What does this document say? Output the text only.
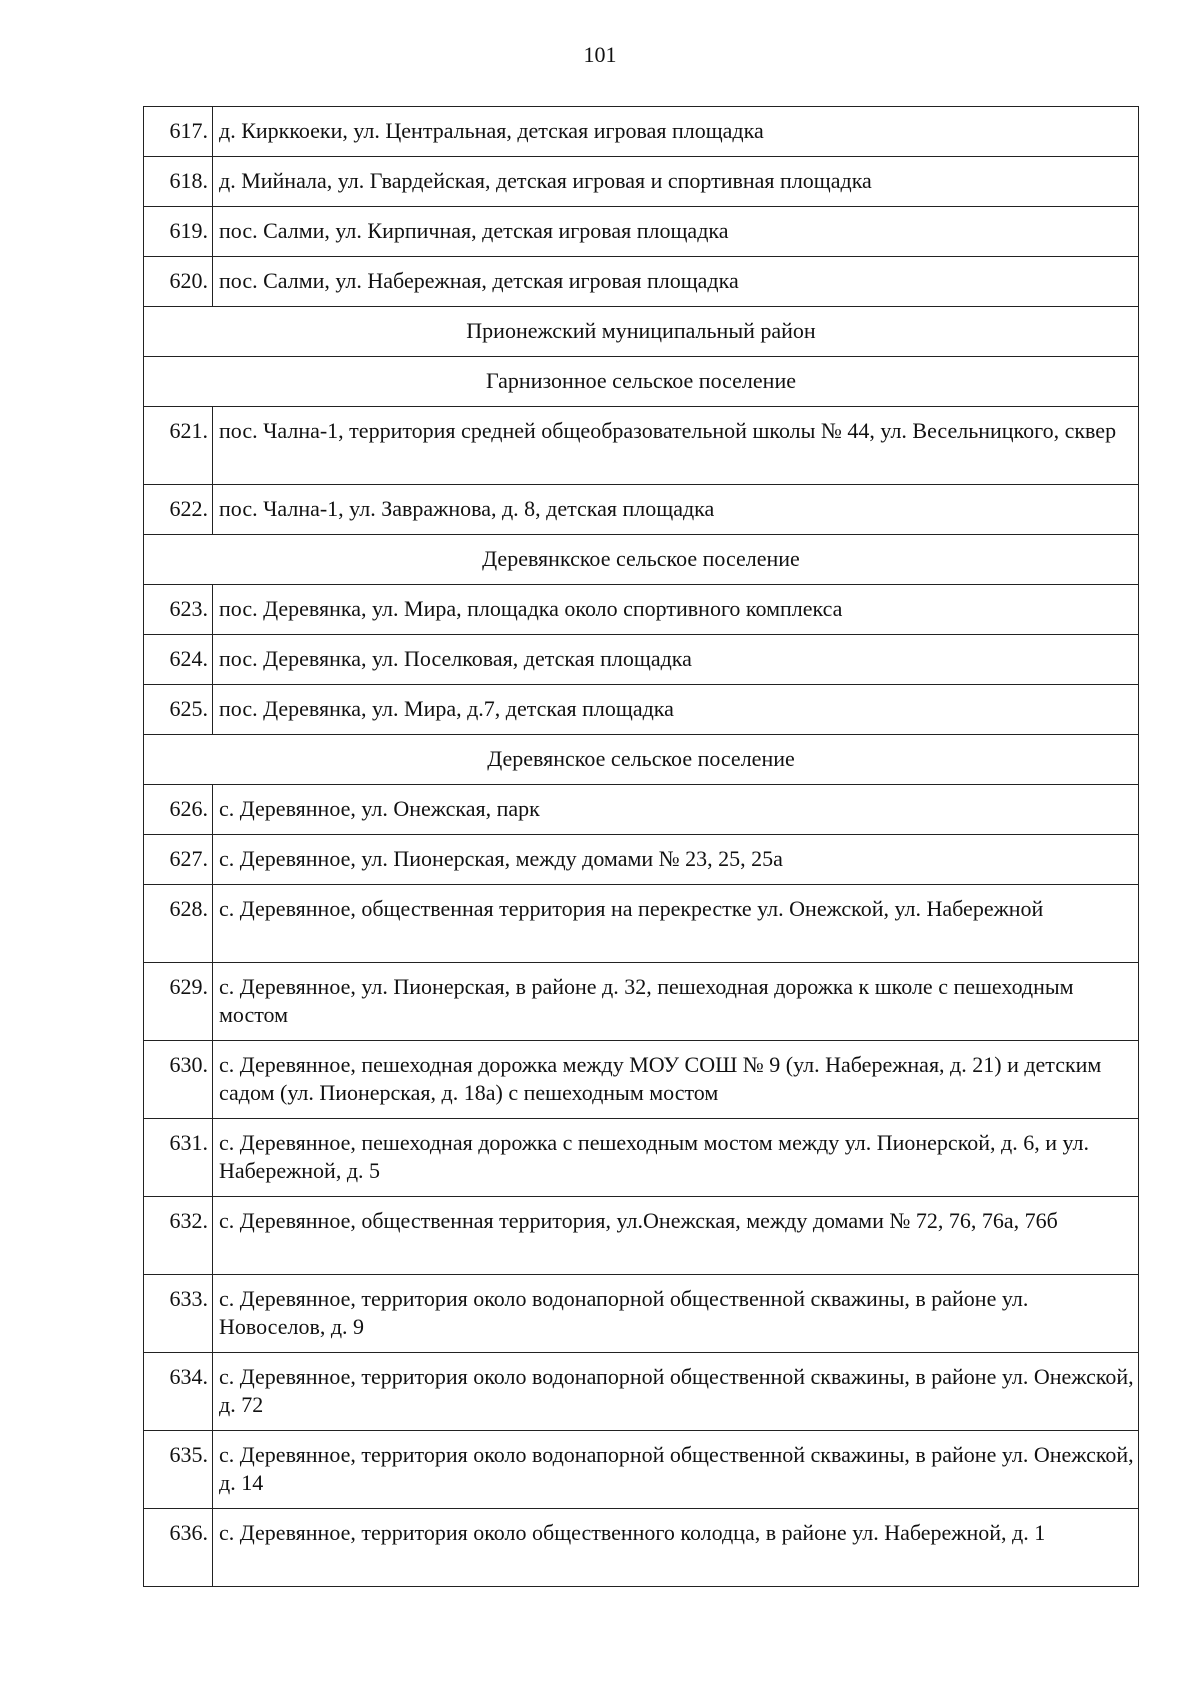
101
617.	д. Кирккоеки, ул. Центральная, детская игровая площадка

618.	д. Мийнала, ул. Гвардейская, детская игровая и спортивная площадка

619.	пос. Салми, ул. Кирпичная, детская игровая площадка

620.	пос. Салми, ул. Набережная, детская игровая площадка

Прионежский муниципальный район	

Гарнизонное сельское поселение	

621.	пос. Чална-1, территория средней общеобразовательной школы № 44, ул. Весельницкого, сквер

622.	пос. Чална-1, ул. Завражнова, д. 8, детская площадка

Деревянкское сельское поселение	

623.	пос. Деревянка, ул. Мира, площадка около спортивного комплекса

624.	пос. Деревянка, ул. Поселковая, детская площадка

625.	пос. Деревянка, ул. Мира, д.7, детская площадка

Деревянское сельское поселение	

626.	с. Деревянное, ул. Онежская, парк

627.	с. Деревянное, ул. Пионерская, между домами № 23, 25, 25а

628.	с. Деревянное, общественная территория на перекрестке ул. Онежской, ул. Набережной

629.	с. Деревянное, ул. Пионерская, в районе д. 32, пешеходная дорожка к школе с пешеходным мостом

630.	с. Деревянное, пешеходная дорожка между МОУ СОШ № 9 (ул. Набережная, д. 21) и детским садом (ул. Пионерская, д. 18а) с пешеходным мостом

631.	с. Деревянное, пешеходная дорожка с пешеходным мостом между ул. Пионерской, д. 6, и ул. Набережной, д. 5

632.	с. Деревянное, общественная территория, ул.Онежская, между домами № 72, 76, 76а, 76б

633.	с. Деревянное, территория около водонапорной общественной скважины, в районе ул. Новоселов, д. 9

634.	с. Деревянное, территория около водонапорной общественной скважины, в районе ул. Онежской, д. 72

635.	с. Деревянное, территория около водонапорной общественной скважины, в районе ул. Онежской, д. 14

636.	с. Деревянное, территория около общественного колодца, в районе ул. Набережной, д. 1
